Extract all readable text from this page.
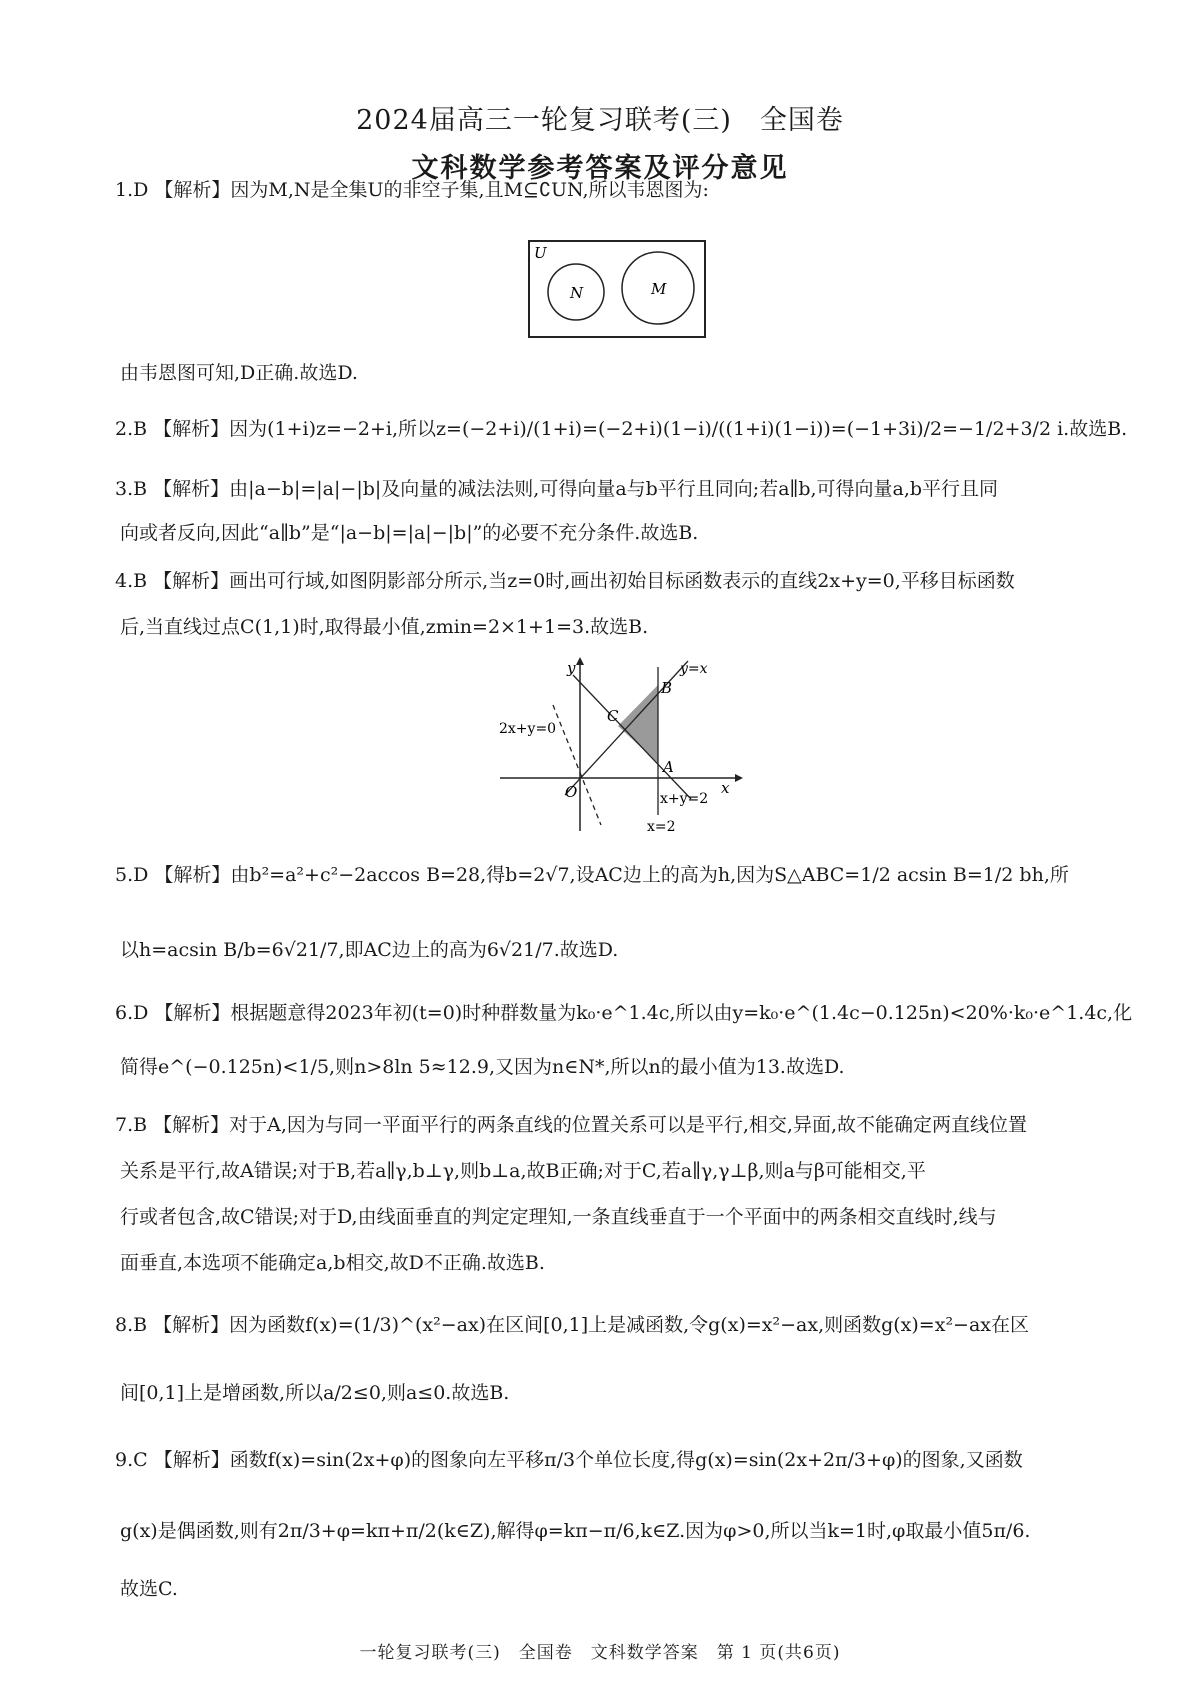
2024届高三一轮复习联考(三)　全国卷
文科数学参考答案及评分意见
1.D 【解析】因为M,N是全集U的非空子集,且M⊆∁UN,所以韦恩图为:
U
N	M
由韦恩图可知,D正确.故选D.
2.B 【解析】因为(1+i)z=−2+i,所以z=(−2+i)/(1+i)=(−2+i)(1−i)/((1+i)(1−i))=(−1+3i)/2=−1/2+3/2 i.故选B.
3.B 【解析】由|a−b|=|a|−|b|及向量的减法法则,可得向量a与b平行且同向;若a∥b,可得向量a,b平行且同
向或者反向,因此“a∥b”是“|a−b|=|a|−|b|”的必要不充分条件.故选B.
4.B 【解析】画出可行域,如图阴影部分所示,当z=0时,画出初始目标函数表示的直线2x+y=0,平移目标函数
后,当直线过点C(1,1)时,取得最小值,zmin=2×1+1=3.故选B.
y
x
O
y=x
2x+y=0
x+y=2
x=2
A
B
C
5.D 【解析】由b²=a²+c²−2accos B=28,得b=2√7,设AC边上的高为h,因为S△ABC=1/2 acsin B=1/2 bh,所
以h=acsin B/b=6√21/7,即AC边上的高为6√21/7.故选D.
6.D 【解析】根据题意得2023年初(t=0)时种群数量为k₀·e^1.4c,所以由y=k₀·e^(1.4c−0.125n)<20%·k₀·e^1.4c,化
简得e^(−0.125n)<1/5,则n>8ln 5≈12.9,又因为n∈N*,所以n的最小值为13.故选D.
7.B 【解析】对于A,因为与同一平面平行的两条直线的位置关系可以是平行,相交,异面,故不能确定两直线位置
关系是平行,故A错误;对于B,若a∥γ,b⊥γ,则b⊥a,故B正确;对于C,若a∥γ,γ⊥β,则a与β可能相交,平
行或者包含,故C错误;对于D,由线面垂直的判定定理知,一条直线垂直于一个平面中的两条相交直线时,线与
面垂直,本选项不能确定a,b相交,故D不正确.故选B.
8.B 【解析】因为函数f(x)=(1/3)^(x²−ax)在区间[0,1]上是减函数,令g(x)=x²−ax,则函数g(x)=x²−ax在区
间[0,1]上是增函数,所以a/2≤0,则a≤0.故选B.
9.C 【解析】函数f(x)=sin(2x+φ)的图象向左平移π/3个单位长度,得g(x)=sin(2x+2π/3+φ)的图象,又函数
g(x)是偶函数,则有2π/3+φ=kπ+π/2(k∈Z),解得φ=kπ−π/6,k∈Z.因为φ>0,所以当k=1时,φ取最小值5π/6.
故选C.
一轮复习联考(三)　全国卷　文科数学答案　第 1 页(共6页)
